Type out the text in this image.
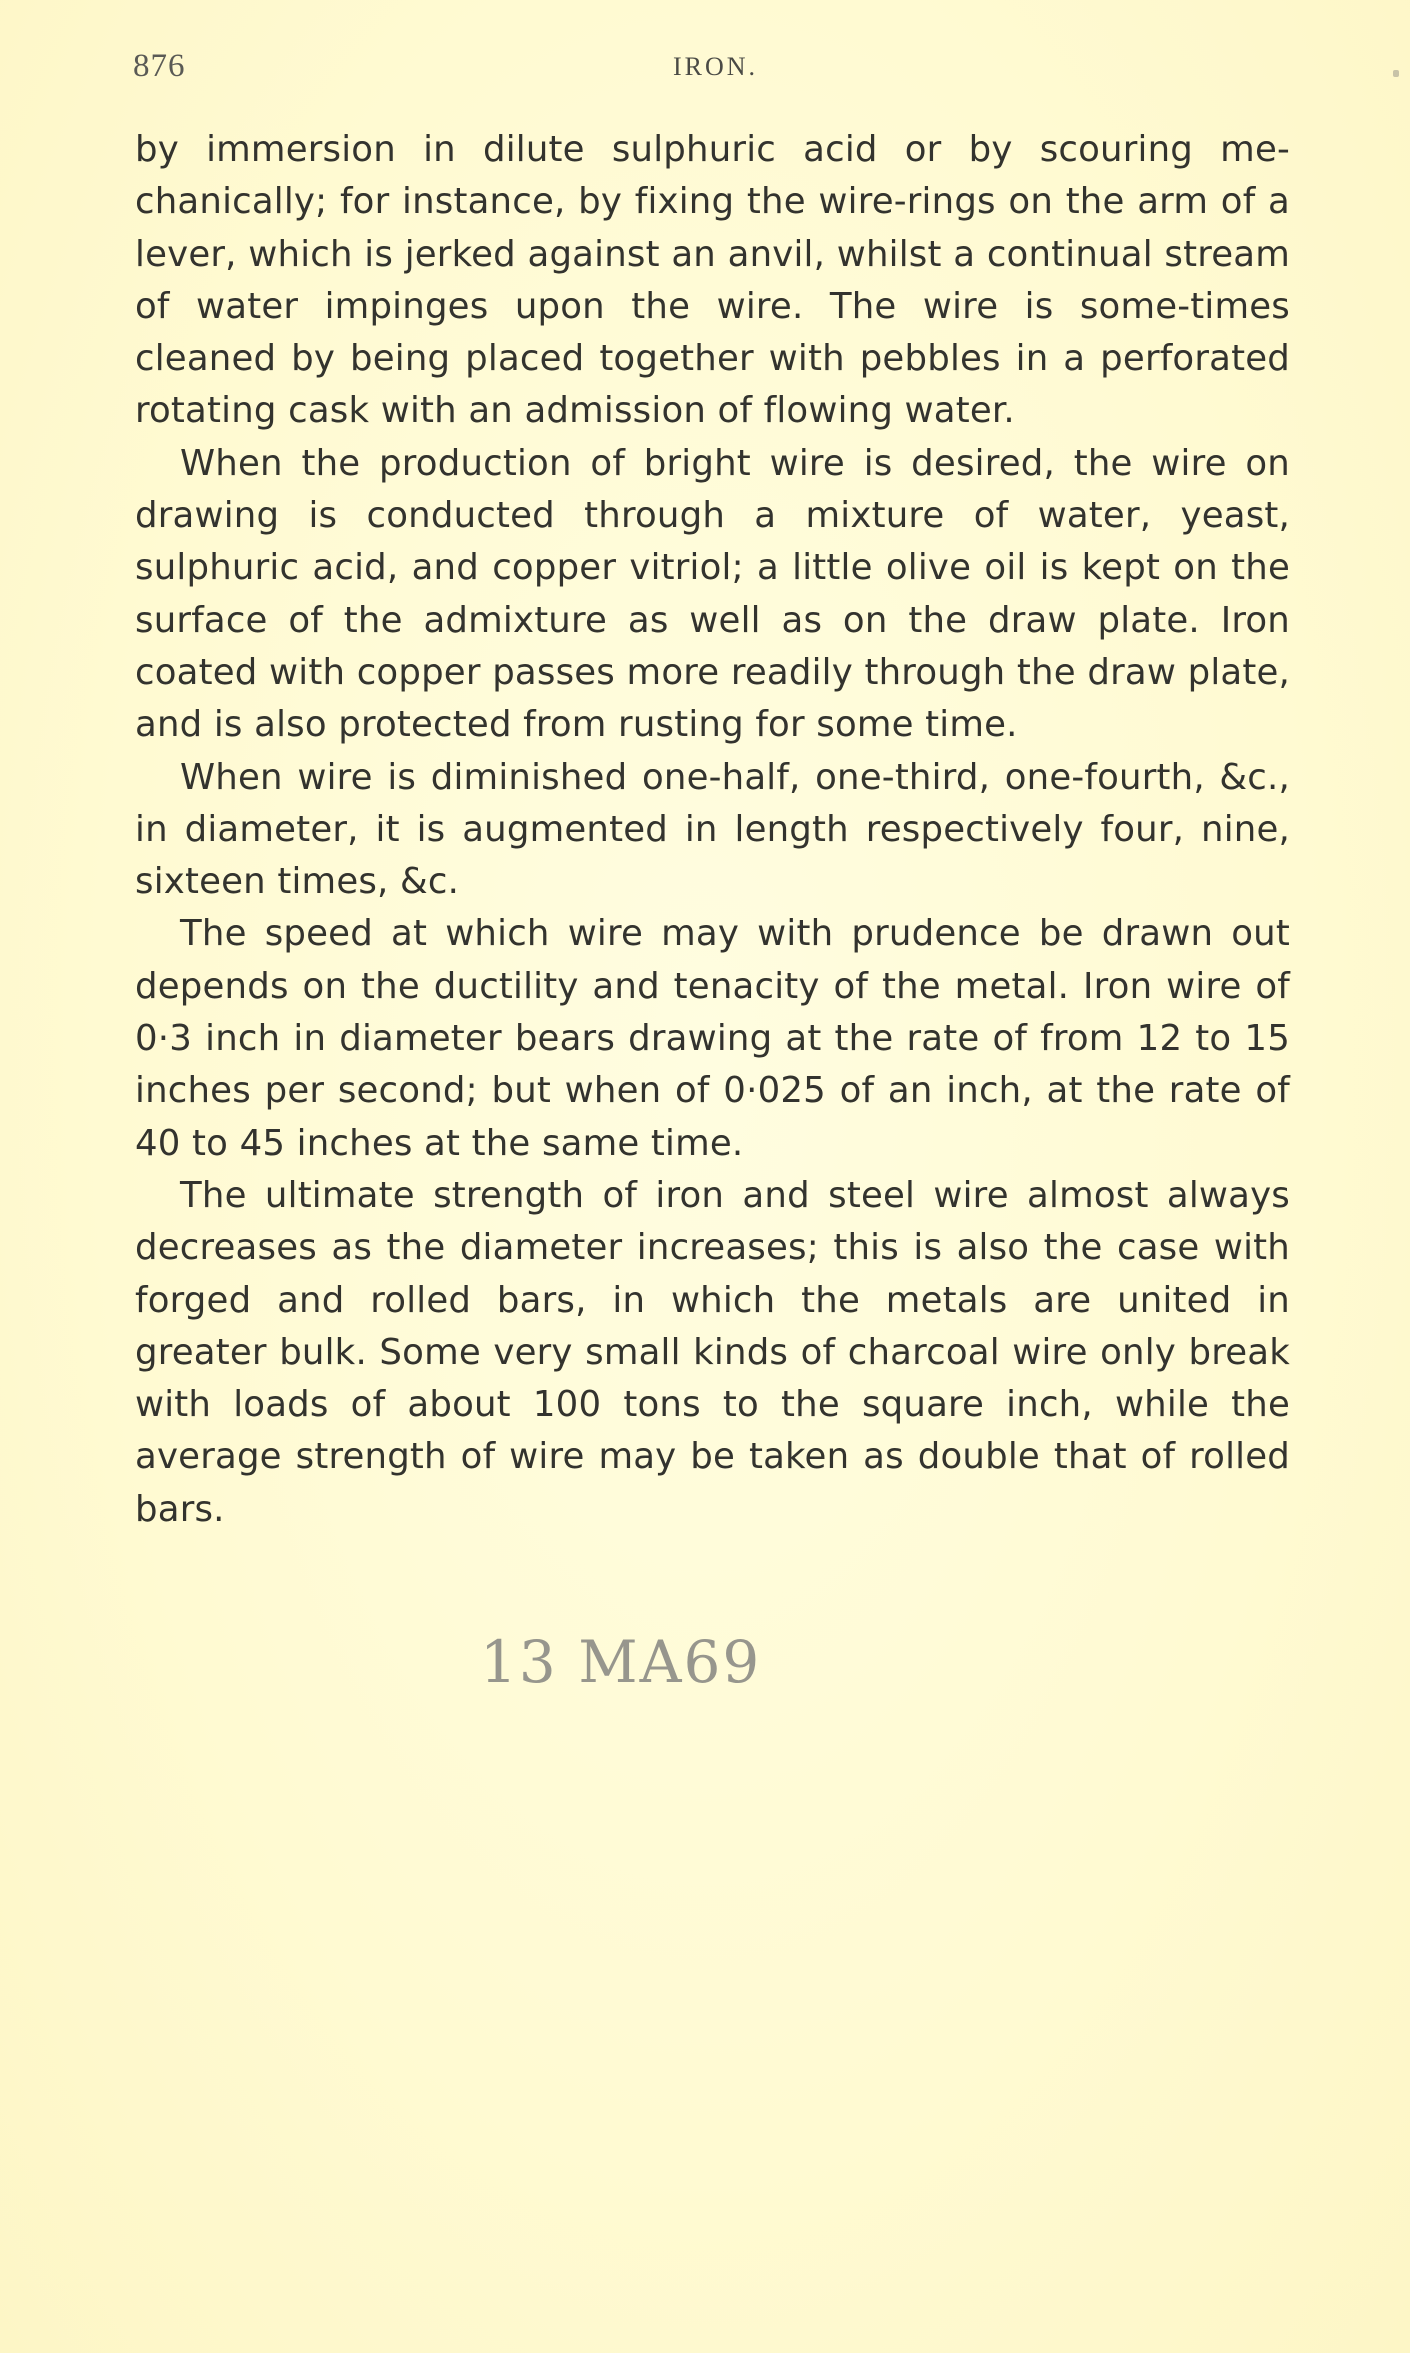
876	IRON.

by immersion in dilute sulphuric acid or by scouring me-chanically; for instance, by fixing the wire-rings on the arm of a lever, which is jerked against an anvil, whilst a continual stream of water impinges upon the wire. The wire is some-times cleaned by being placed together with pebbles in a perforated rotating cask with an admission of flowing water.

When the production of bright wire is desired, the wire on drawing is conducted through a mixture of water, yeast, sulphuric acid, and copper vitriol; a little olive oil is kept on the surface of the admixture as well as on the draw plate. Iron coated with copper passes more readily through the draw plate, and is also protected from rusting for some time.

When wire is diminished one-half, one-third, one-fourth, &c., in diameter, it is augmented in length respectively four, nine, sixteen times, &c.

The speed at which wire may with prudence be drawn out depends on the ductility and tenacity of the metal. Iron wire of 0·3 inch in diameter bears drawing at the rate of from 12 to 15 inches per second; but when of 0·025 of an inch, at the rate of 40 to 45 inches at the same time.

The ultimate strength of iron and steel wire almost always decreases as the diameter increases; this is also the case with forged and rolled bars, in which the metals are united in greater bulk. Some very small kinds of charcoal wire only break with loads of about 100 tons to the square inch, while the average strength of wire may be taken as double that of rolled bars.

13 MA69
